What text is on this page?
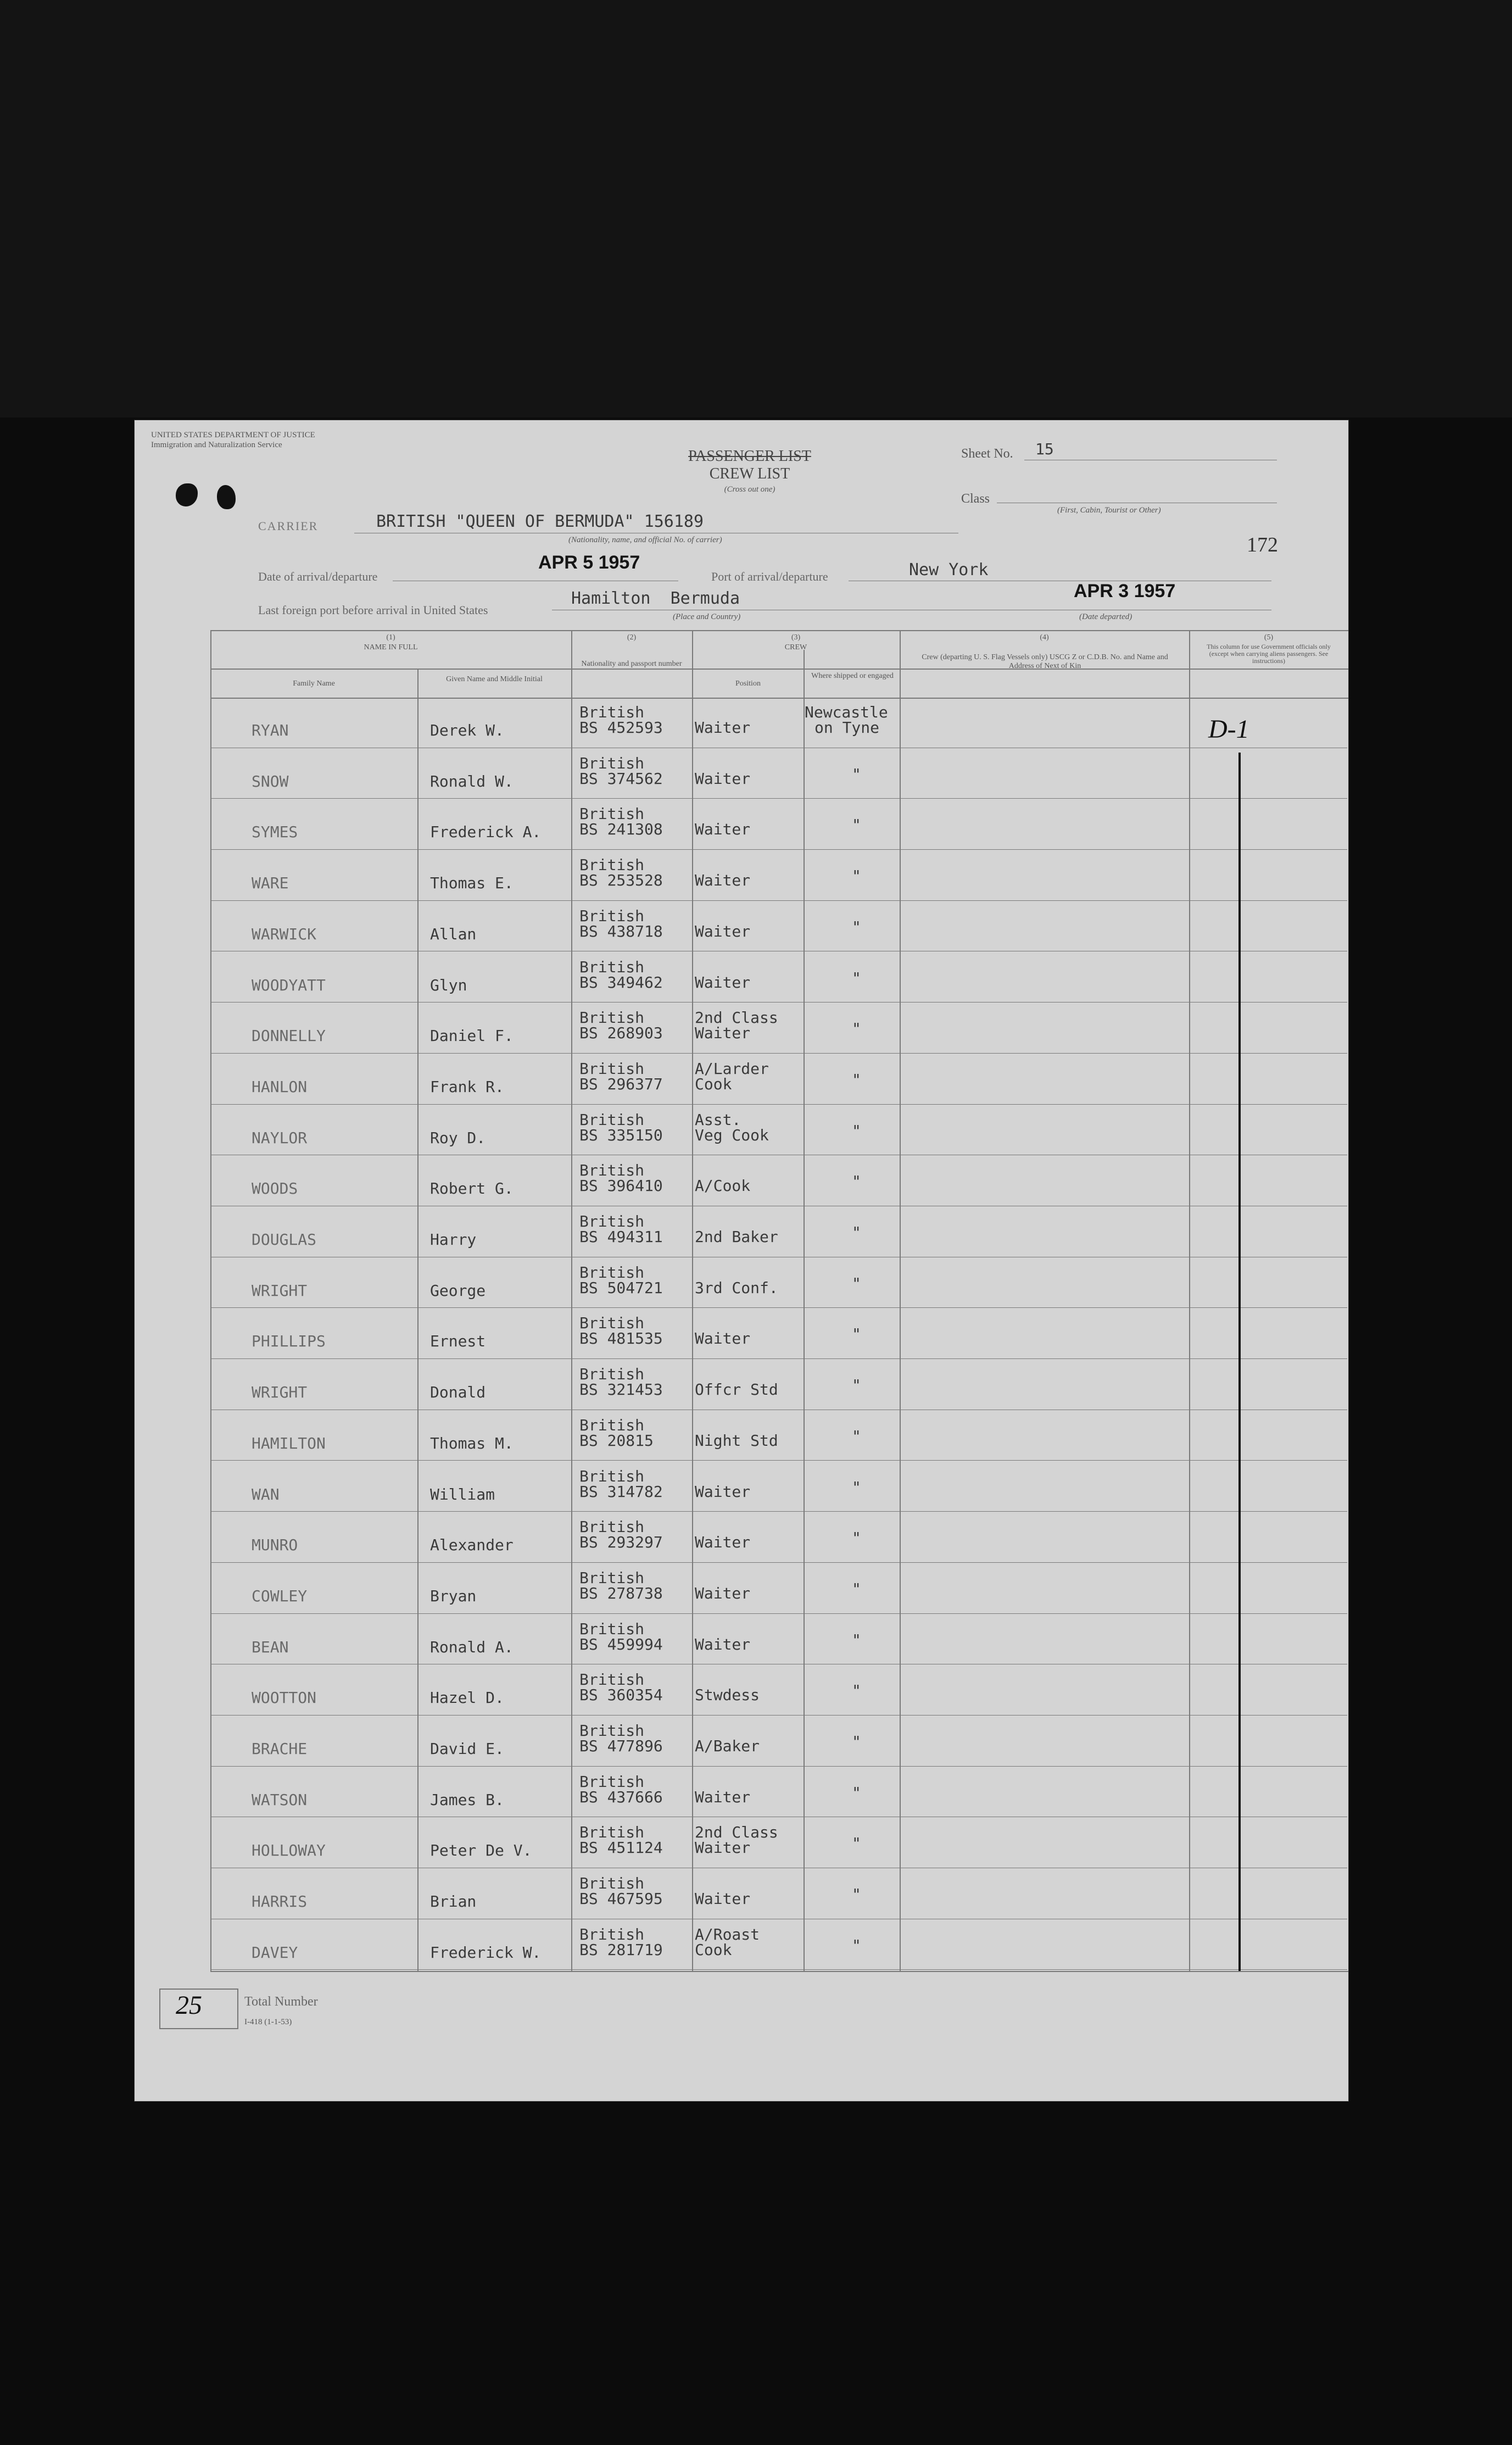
UNITED STATES DEPARTMENT OF JUSTICE
Immigration and Naturalization Service
PASSENGER LIST
CREW LIST
(Cross out one)
Sheet No. 15
Class
(First, Cabin, Tourist or Other)
172
CARRIER	BRITISH "QUEEN OF BERMUDA" 156189
(Nationality, name, and official No. of carrier)
Date of arrival/departure
APR 5 1957
Port of arrival/departure	New York
Last foreign port before arrival in United States
Hamilton  Bermuda
(Place and Country)
APR 3 1957
(Date departed)
(1)
NAME IN FULL
Family Name
Given Name and Middle Initial
(2)
Nationality and passport number
(3)
CREW
Position
Where shipped or engaged
(4)
Crew (departing U. S. Flag Vessels only) USCG Z or C.D.B. No. and Name and Address of Next of Kin
(5)
This column for use Government officials only (except when carrying aliens passengers. See instructions)
RYAN	Derek W.
British
BS 452593 Waiter
Newcastle
on Tyne
SNOW	Ronald W.
British
BS 374562 Waiter	"
SYMES	Frederick A.
British
BS 241308 Waiter	"
WARE	Thomas E.
British
BS 253528 Waiter	"
WARWICK	Allan
British
BS 438718 Waiter	"
WOODYATT	Glyn
British
BS 349462 Waiter	"
DONNELLY	Daniel F.
British
BS 268903
2nd Class
Waiter	"
HANLON	Frank R.
British
BS 296377
A/Larder
Cook	"
NAYLOR	Roy D.
British
BS 335150
Asst.
Veg Cook	"
WOODS	Robert G.
British
BS 396410 A/Cook	"
DOUGLAS	Harry
British
BS 494311 2nd Baker	"
WRIGHT	George
British
BS 504721 3rd Conf.	"
PHILLIPS	Ernest
British
BS 481535 Waiter	"
WRIGHT	Donald
British
BS 321453 Offcr Std	"
HAMILTON	Thomas M.
British
BS 20815	Night Std	"
WAN	William
British
BS 314782 Waiter	"
MUNRO	Alexander
British
BS 293297 Waiter	"
COWLEY	Bryan
British
BS 278738 Waiter	"
BEAN	Ronald A.
British
BS 459994 Waiter	"
WOOTTON	Hazel D.
British
BS 360354 Stwdess	"
BRACHE	David E.
British
BS 477896 A/Baker	"
WATSON	James B.
British
BS 437666 Waiter	"
HOLLOWAY	Peter De V.
British
BS 451124
2nd Class
Waiter	"
HARRIS	Brian
British
BS 467595 Waiter	"
DAVEY	Frederick W.
British
BS 281719
A/Roast
Cook	"
D-1
25	Total Number
I-418 (1-1-53)
